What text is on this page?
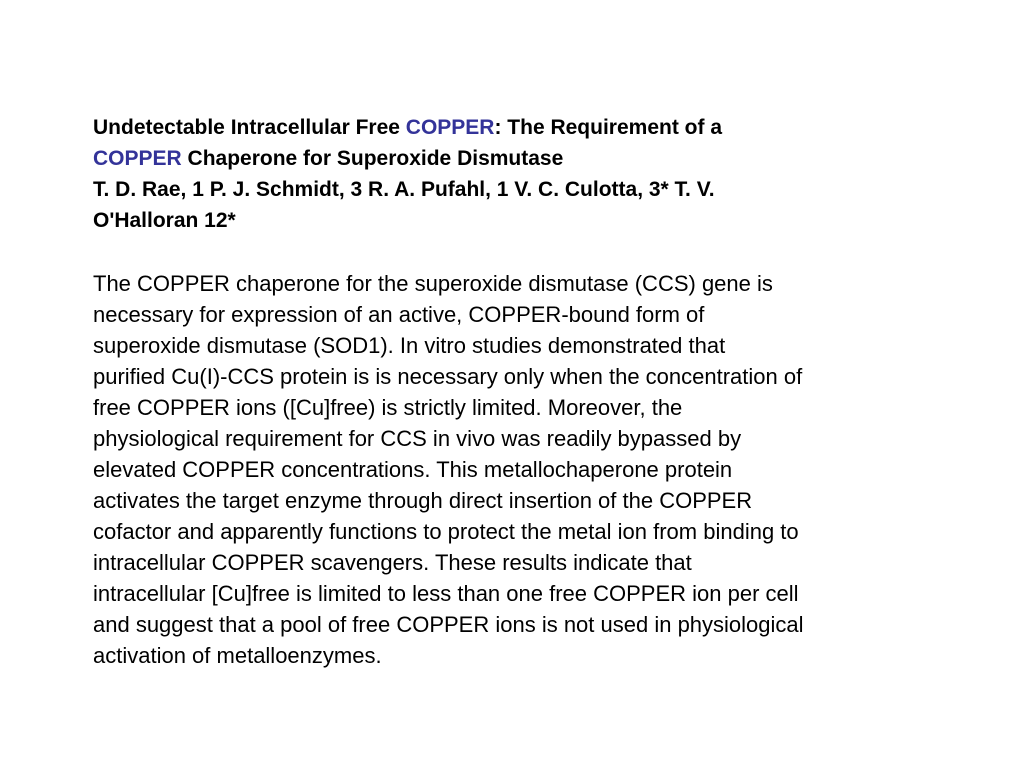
Undetectable Intracellular Free COPPER: The Requirement of a
COPPER Chaperone for Superoxide Dismutase
T. D. Rae, 1 P. J. Schmidt, 3 R. A. Pufahl, 1 V. C. Culotta, 3* T. V.
O'Halloran 12*
The COPPER chaperone for the superoxide dismutase (CCS) gene is
necessary for expression of an active, COPPER-bound form of
superoxide dismutase (SOD1). In vitro studies demonstrated that
purified Cu(I)-CCS protein is is necessary only when the concentration of
free COPPER ions ([Cu]free) is strictly limited. Moreover, the
physiological requirement for CCS in vivo was readily bypassed by
elevated COPPER concentrations. This metallochaperone protein
activates the target enzyme through direct insertion of the COPPER
cofactor and apparently functions to protect the metal ion from binding to
intracellular COPPER scavengers. These results indicate that
intracellular [Cu]free is limited to less than one free COPPER ion per cell
and suggest that a pool of free COPPER ions is not used in physiological
activation of metalloenzymes.
